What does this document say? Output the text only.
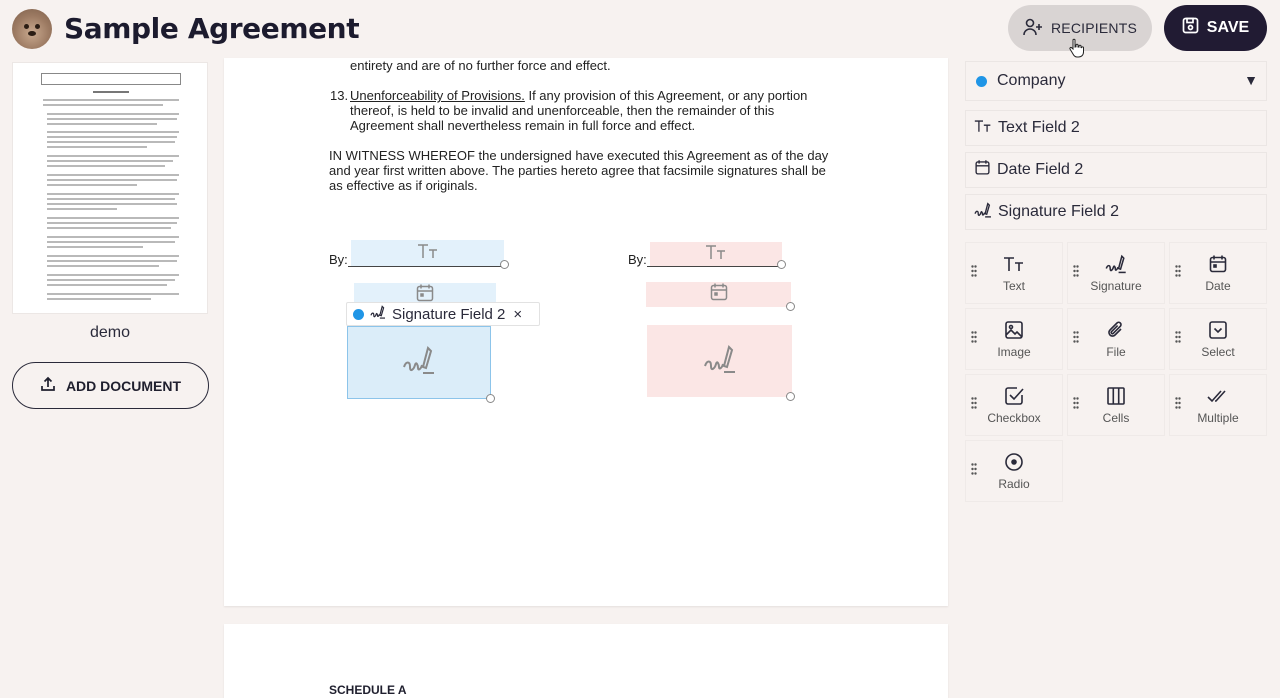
Sample Agreement	RECIPIENTS	SAVE
demo
ADD DOCUMENT
entirety and are of no further force and effect.
13. Unenforceability of Provisions. If any provision of this Agreement, or any portion
thereof, is held to be invalid and unenforceable, then the remainder of this
Agreement shall nevertheless remain in full force and effect.
IN WITNESS WHEREOF the undersigned have executed this Agreement as of the day
and year first written above. The parties hereto agree that facsimile signatures shall be
as effective as if originals.
By:	By:
Signature Field 2 ×
SCHEDULE A
Company	▼
Text Field 2
Date Field 2
Signature Field 2
Text	Signature	Date
Image	File	Select
Checkbox	Cells	Multiple
Radio
